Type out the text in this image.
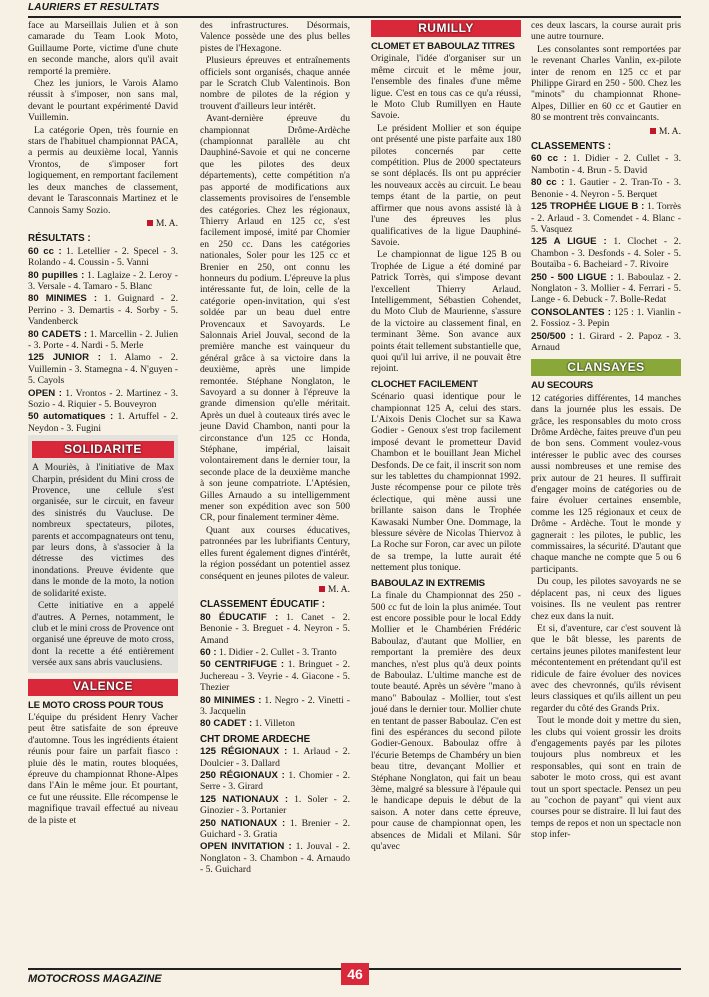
LAURIERS ET RESULTATS

face au Marseillais Julien et à son camarade du Team Look Moto, Guillaume Porte, victime d'une chute en seconde manche, alors qu'il avait remporté la première.

Chez les juniors, le Varois Alamo réussit à s'imposer, non sans mal, devant le pourtant expérimenté David Vuillemin.

La catégorie Open, très fournie en stars de l'habituel championnat PACA, a permis au deuxième local, Yannis Vrontos, de s'imposer fort logiquement, en remportant facilement les deux manches de classement, devant le Tarasconnais Martinez et le Cannois Samy Sozio.

M. A.
RÉSULTATS :
60 cc : 1. Letellier - 2. Specel - 3. Rolando - 4. Coussin - 5. Vanni
80 pupilles : 1. Laglaize - 2. Leroy - 3. Versale - 4. Tamaro - 5. Blanc
80 MINIMES : 1. Guignard - 2. Perrino - 3. Demartis - 4. Sorby - 5. Vandenberck
80 CADETS : 1. Marcellin - 2. Julien - 3. Porte - 4. Nardi - 5. Merle
125 JUNIOR : 1. Alamo - 2. Vuillemin - 3. Stamegna - 4. N'guyen - 5. Cayols
OPEN : 1. Vrontos - 2. Martinez - 3. Sozio - 4. Riquier - 5. Bouveyron
50 automatiques : 1. Artuffel - 2. Neydon - 3. Fugini
SOLIDARITE

A Mouriès, à l'initiative de Max Charpin, président du Mini cross de Provence, une cellule s'est organisée, sur le circuit, en faveur des sinistrés du Vaucluse. De nombreux spectateurs, pilotes, parents et accompagnateurs ont tenu, par leurs dons, à s'associer à la détresse des victimes des inondations. Preuve évidente que dans le monde de la moto, la notion de solidarité existe.

Cette initiative en a appelé d'autres. A Pernes, notamment, le club et le mini cross de Provence ont organisé une épreuve de moto cross, dont la recette a été entièrement versée aux sans abris vauclusiens.

VALENCE
LE MOTO CROSS POUR TOUS

L'équipe du président Henry Vacher peut être satisfaite de son épreuve d'automne. Tous les ingrédients étaient réunis pour faire un parfait fiasco : pluie dès le matin, routes bloquées, épreuve du championnat Rhone-Alpes dans l'Ain le même jour. Et pourtant, ce fut une réussite. Elle récompense le magnifique travail effectué au niveau de la piste et

des infrastructures. Désormais, Valence possède une des plus belles pistes de l'Hexagone.

Plusieurs épreuves et entraînements officiels sont organisés, chaque année par le Scratch Club Valentinois. Bon nombre de pilotes de la région y trouvent d'ailleurs leur intérêt.

Avant-dernière épreuve du championnat Drôme-Ardèche (championnat parallèle au cht Dauphiné-Savoie et qui ne concerne que les pilotes des deux départements), cette compétition n'a pas apporté de modifications aux classements provisoires de l'ensemble des catégories. Chez les régionaux, Thierry Arlaud en 125 cc, s'est facilement imposé, imité par Chomier en 250 cc. Dans les catégories nationales, Soler pour les 125 cc et Brenier en 250, ont connu les honneurs du podium. L'épreuve la plus intéressante fut, de loin, celle de la catégorie open-invitation, qui s'est soldée par un beau duel entre Provencaux et Savoyards. Le Salonnais Ariel Jouval, second de la première manche est vainqueur du général grâce à sa victoire dans la deuxième, après une limpide remontée. Stéphane Nonglaton, le Savoyard a su donner à l'épreuve la grande dimension qu'elle méritait. Après un duel à couteaux tirés avec le jeune David Chambon, nanti pour la circonstance d'un 125 cc Honda, Stéphane, impérial, laisait volontairement dans le dernier tour, la seconde place de la deuxième manche à son jeune compatriote. L'Aptésien, Gilles Arnaudo a su intelligemment mener son expédition avec son 500 CR, pour finalement terminer 4ème.

Quant aux courses éducatives, patronnées par les lubrifiants Century, elles furent également dignes d'intérêt, la région possédant un potentiel assez conséquent en jeunes pilotes de valeur.

M. A.
CLASSEMENT ÉDUCATIF :
80 ÉDUCATIF : 1. Canet - 2. Benonie - 3. Breguet - 4. Neyron - 5. Amand
60 : 1. Didier - 2. Cullet - 3. Tranto
50 CENTRIFUGE : 1. Bringuet - 2. Juchereau - 3. Veyrie - 4. Giacone - 5. Thezier
80 MINIMES : 1. Negro - 2. Vinetti - 3. Jacquelin
80 CADET : 1. Villeton
CHT DROME ARDECHE
125 RÉGIONAUX : 1. Arlaud - 2. Doulcier - 3. Dallard
250 RÉGIONAUX : 1. Chomier - 2. Serre - 3. Girard
125 NATIONAUX : 1. Soler - 2. Ginozier - 3. Portanier
250 NATIONAUX : 1. Brenier - 2. Guichard - 3. Gratia
OPEN INVITATION : 1. Jouval - 2. Nonglaton - 3. Chambon - 4. Arnaudo - 5. Guichard
RUMILLY
CLOMET ET BABOULAZ TITRES

Originale, l'idée d'organiser sur un même circuit et le même jour, l'ensemble des finales d'une même ligue. C'est en tous cas ce qu'a réussi, le Moto Club Rumillyen en Haute Savoie.

Le président Mollier et son équipe ont présenté une piste parfaite aux 180 pilotes concernés par cette compétition. Plus de 2000 spectateurs se sont déplacés. Ils ont pu apprécier les nouveaux accès au circuit. Le beau temps étant de la partie, on peut affirmer que nous avons assisté là à l'une des épreuves les plus qualificatives de la ligue Dauphiné-Savoie.

Le championnat de ligue 125 B ou Trophée de Ligue a été dominé par Patrick Torrès, qui s'impose devant l'excellent Thierry Arlaud. Intelligemment, Sébastien Cohendet, du Moto Club de Maurienne, s'assure de la victoire au classement final, en terminant 3ème. Son avance aux points était tellement substantielle que, quoi qu'il lui arrive, il ne pouvait être rejoint.

CLOCHET FACILEMENT

Scénario quasi identique pour le championnat 125 A, celui des stars. L'Aixois Denis Clochet sur sa Kawa Godier - Genoux s'est trop facilement imposé devant le prometteur David Chambon et le bouillant Jean Michel Desfonds. De ce fait, il inscrit son nom sur les tablettes du championnat 1992. Juste récompense pour ce pilote très éclectique, qui mène aussi une brillante saison dans le Trophée Kawasaki Number One. Dommage, la blessure sévère de Nicolas Thiervoz à La Roche sur Foron, car avec un pilote de sa trempe, la lutte aurait été nettement plus tonique.

BABOULAZ IN EXTREMIS

La finale du Championnat des 250 - 500 cc fut de loin la plus animée. Tout est encore possible pour le local Eddy Mollier et le Chambérien Frédéric Baboulaz, d'autant que Mollier, en remportant la première des deux manches, n'est plus qu'à deux points de Baboulaz. L'ultime manche est de toute beauté. Après un sévère "mano à mano" Baboulaz - Mollier, tout s'est joué dans le dernier tour. Mollier chute en tentant de passer Baboulaz. C'en est fini des espérances du second pilote Godier-Genoux. Baboulaz offre à l'écurie Betemps de Chambéry un bien beau titre, devançant Mollier et Stéphane Nonglaton, qui fait un beau 3ème, malgré sa blessure à l'épaule qui le handicape depuis le début de la saison. A noter dans cette épreuve, pour cause de championnat open, les absences de Midali et Milani. Sûr qu'avec

ces deux lascars, la course aurait pris une autre tournure.

Les consolantes sont remportées par le revenant Charles Vanlin, ex-pilote inter de renom en 125 cc et par Philippe Girard en 250 - 500. Chez les "minots" du championnat Rhone-Alpes, Dillier en 60 cc et Gautier en 80 se montrent très convaincants.

M. A.
CLASSEMENTS :
60 cc : 1. Didier - 2. Cullet - 3. Nambotin - 4. Brun - 5. David
80 cc : 1. Gautier - 2. Tran-To - 3. Benonie - 4. Neyron - 5. Berquet
125 TROPHÉE LIGUE B : 1. Torrès - 2. Arlaud - 3. Comendet - 4. Blanc - 5. Vasquez
125 A LIGUE : 1. Clochet - 2. Chambon - 3. Desfonds - 4. Soler - 5. Boutaïba - 6. Bacheiard - 7. Rivoire
250 - 500 LIGUE : 1. Baboulaz - 2. Nonglaton - 3. Mollier - 4. Ferrari - 5. Lange - 6. Debuck - 7. Bolle-Redat
CONSOLANTES : 125 : 1. Vianlin - 2. Fossioz - 3. Pepin
250/500 : 1. Girard - 2. Papoz - 3. Arnaud
CLANSAYES
AU SECOURS

12 catégories différentes, 14 manches dans la journée plus les essais. De grâce, les responsables du moto cross Drôme Ardèche, faites preuve d'un peu de bon sens. Comment voulez-vous intéresser le public avec des courses aussi nombreuses et une remise des prix autour de 21 heures. Il suffirait d'engager moins de catégories ou de faire évoluer certaines ensemble, comme les 125 régionaux et ceux de Drôme - Ardèche. Tout le monde y gagnerait : les pilotes, le public, les commissaires, la sécurité. D'autant que chaque manche ne compte que 5 ou 6 participants.

Du coup, les pilotes savoyards ne se déplacent pas, ni ceux des ligues voisines. Ils ne veulent pas rentrer chez eux dans la nuit.

Et si, d'aventure, car c'est souvent là que le bât blesse, les parents de certains jeunes pilotes manifestent leur mécontentement en prétendant qu'il est ridicule de faire évoluer des novices avec des chevronnés, qu'ils révisent leurs classiques et qu'ils aillent un peu regarder du côté des Grands Prix.

Tout le monde doit y mettre du sien, les clubs qui voient grossir les droits d'engagements payés par les pilotes toujours plus nombreux et les responsables, qui sont en train de saboter le moto cross, qui est avant tout un sport spectacle. Pensez un peu au "cochon de payant" qui vient aux courses pour se distraire. Il lui faut des temps de repos et non un spectacle non stop infer-

MOTOCROSS MAGAZINE	46
